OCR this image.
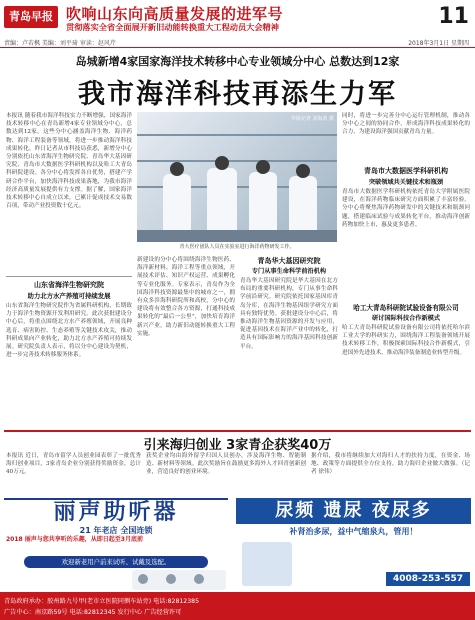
青岛早报 吹响山东向高质量发展的进军号
贯彻落实全省全面展开新旧动能转换重大工程动员大会精神	11
责编：卢若枫 美编：刘平琦 审读：赵风芹	2018年3月1日 星期四
岛城新增4家国家海洋技术转移中心专业领域分中心 总数达到12家
我市海洋科技再添生力军
本报讯 随着我市海洋科技实力不断增强，国家海洋技术转移中心在青岛新增4家专业领域分中心，总数达到12家。这些分中心涵盖海洋生物、海洋药物、海洋工程装备等领域，将进一步推动海洋科技成果转化。昨日记者从市科技局获悉，新增分中心分别依托山东省海洋生物研究院、青岛华大基因研究院、青岛市大数据医学科研机构以及哈工大青岛科研院建设。各分中心将发挥各自优势，搭建产学研合作平台，加快海洋科技成果落地，为我市海洋经济高质量发展提供有力支撑。据了解，国家海洋技术转移中心自成立以来，已累计促成技术交易数百项，带动产业投资数十亿元。
山东省海洋生物研究院
助力北方水产养殖可持续发展
山东省海洋生物研究院作为省属科研机构，长期致力于海洋生物资源开发利用研究。此次获批建设分中心后，将重点围绕北方水产养殖领域，开展良种选育、病害防控、生态养殖等关键技术攻关，推动科研成果向产业转化，助力北方水产养殖可持续发展。研究院负责人表示，将以分中心建设为契机，进一步完善技术转移服务体系。
早报记者 刘海蓝 摄
青大医疗团队人员在实验室进行海洋药物研发工作。
新建设的分中心将围绕海洋生物医药、海洋新材料、海洋工程等重点领域，开展技术评估、知识产权运营、成果孵化等专业化服务。专家表示，青岛作为全国海洋科技资源最集中的城市之一，拥有众多涉海科研院所和高校，分中心的建设将有效整合各方资源，打通科技成果转化的“最后一公里”，加快培育海洋新兴产业，助力新旧动能转换重大工程实施。
青岛华大基因研究院
专门从事生命科学前沿机构
青岛华大基因研究院是华大基因在北方布局的重要科研机构，专门从事生命科学前沿研究。研究院依托国家基因库青岛分库，在海洋生物基因组学研究方面具有独特优势。获批建设分中心后，将推动海洋生物基因资源的开发与应用，促进基因技术在海洋产业中的转化，打造具有国际影响力的海洋基因科技创新平台。
同时，将进一步完善分中心运行管理机制，推动各分中心之间的协同合作，形成海洋科技成果转化的合力，为建设海洋强国贡献青岛力量。
青岛市大数据医学科研机构
突破领域共关键技术和瓶颈
青岛市大数据医学科研机构依托青岛大学附属医院建设，在海洋药物临床研究方面积累了丰富经验。分中心将聚焦海洋药物研发中的关键技术和瓶颈问题，搭建临床试验与成果转化平台，推动海洋创新药物加快上市，惠及更多患者。
哈工大青岛科研院试验设备有限公司
研讨国际科技合作新模式
哈工大青岛科研院试验设备有限公司将依托哈尔滨工业大学的科研实力，围绕海洋工程装备领域开展技术转移工作，积极探索国际科技合作新模式，引进国外先进技术，推动海洋装备制造业转型升级。
引来海归创业 3家青企获奖40万
本报讯 近日，青岛市留学人员创业园表彰了一批优秀海归创业项目，3家青岛企业分别获得奖励资金，总计40万元。
获奖企业均由海外留学归国人员创办，涉及海洋生物、智能制造、新材料等领域。此次奖励旨在鼓励更多海外人才回青创新创业，营造良好的创业环境。
据介绍，我市将继续加大对海归人才的扶持力度，在资金、场地、政策等方面提供全方位支持，助力海归企业做大做强。（记者 徐伟）
丽声助听器
21 年老店 全国连锁
2018 丽声与您共享听的乐趣，从即日起至3月底前
欢迎新老用户前来试听、试戴及选配。
尿频 遗尿 夜尿多
补肾治多尿，益中气缩泉丸，管用！
4008-253-557
青岛政府承办：胶州路九号甲(老市立医院同侧车站旁) 电话:82812385
广告中心：南京路59号 电话:82812345 发行中心 广告经营许可
